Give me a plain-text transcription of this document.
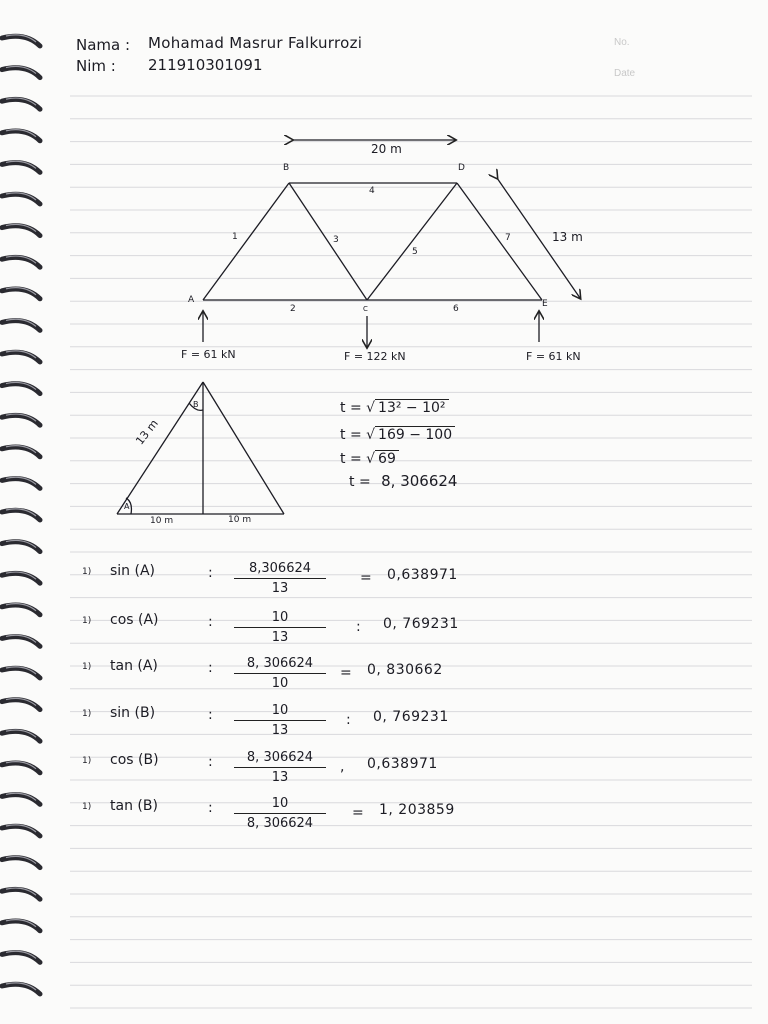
Nama : Mohamad Masrur Falkurrozi
Nim : 211910301091
No.
Date
B	D
A
C	E
1
2
3
4
5
6
7
20 m
13 m
F = 61 kN	F = 122 kN	F = 61 kN
A
B
13 m
10 m	10 m
t = √ 13² − 10²
t = √ 169 − 100
t = √ 69
t = 8, 306624
1) sin (A)	: $\frac{8,306624}{13} = 0,638971$
1) cos (A)	: $\frac{10}{13}$ : 0, 769231
1) tan (A)	: $\frac{8, 306624}{10} = 0$, 830662
1) sin (B)	: $\frac{10}{13}$ : 0, 769231
1) cos (B)	: $\frac{8, 306624}{13}$ , 0,638971
1) tan (B)	: $\frac{10}{8, 306624} = 1$, 203859
